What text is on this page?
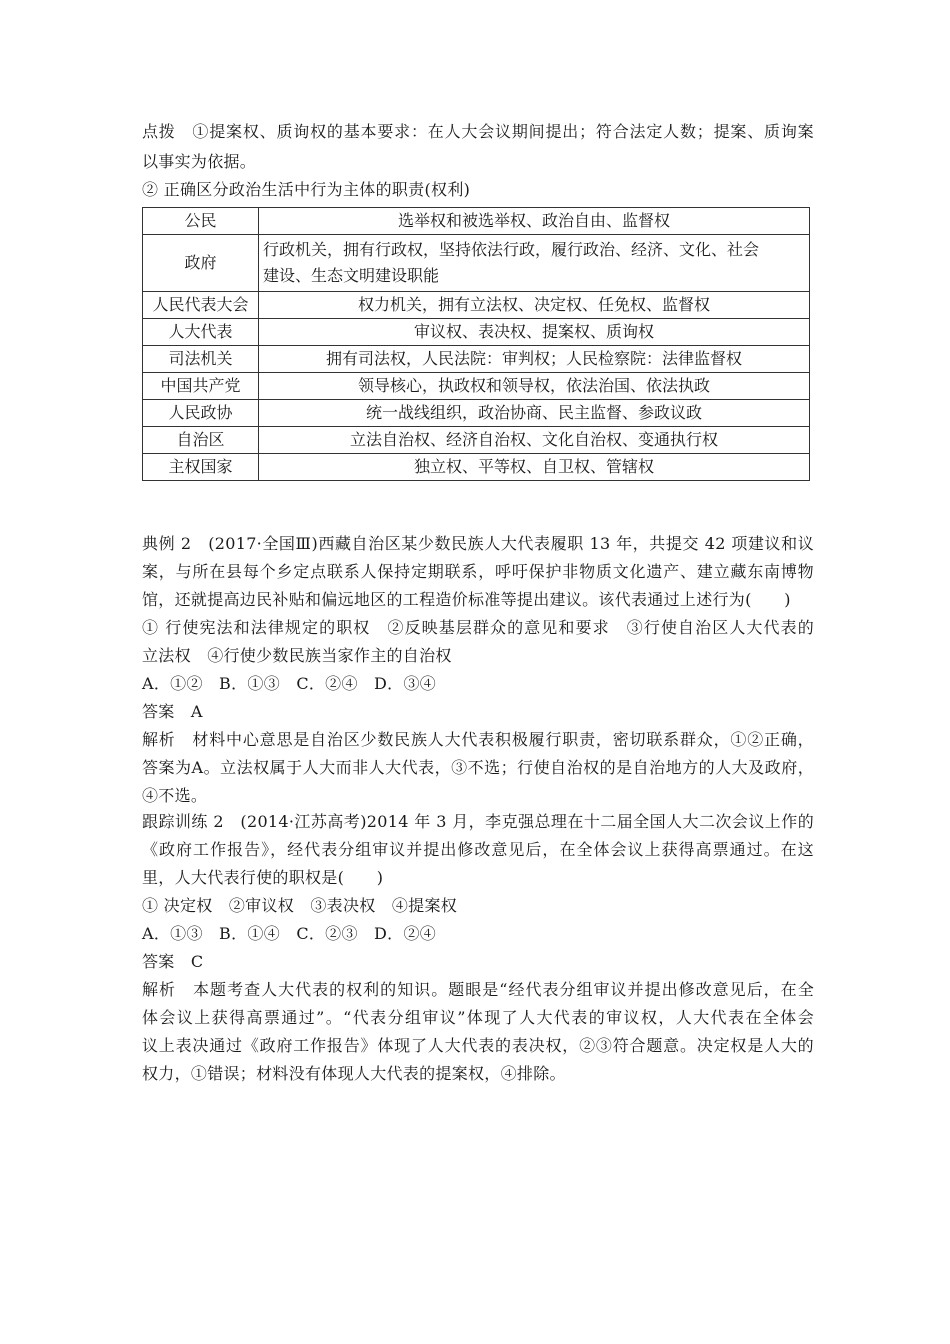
点拨　①提案权、质询权的基本要求：在人大会议期间提出；符合法定人数；提案、质询案
以事实为依据。
② 正确区分政治生活中行为主体的职责(权利)
公民	选举权和被选举权、政治自由、监督权
政府	行政机关，拥有行政权，坚持依法行政，履行政治、经济、文化、社会
建设、生态文明建设职能

人民代表大会	权力机关，拥有立法权、决定权、任免权、监督权
人大代表	审议权、表决权、提案权、质询权
司法机关	拥有司法权，人民法院：审判权；人民检察院：法律监督权
中国共产党	领导核心，执政权和领导权，依法治国、依法执政
人民政协	统一战线组织，政治协商、民主监督、参政议政
自治区	立法自治权、经济自治权、文化自治权、变通执行权
主权国家	独立权、平等权、自卫权、管辖权
典例 2　(2017·全国Ⅲ)西藏自治区某少数民族人大代表履职 13 年，共提交 42 项建议和议
案，与所在县每个乡定点联系人保持定期联系，呼吁保护非物质文化遗产、建立藏东南博物
馆，还就提高边民补贴和偏远地区的工程造价标准等提出建议。该代表通过上述行为(　　)
① 行使宪法和法律规定的职权　②反映基层群众的意见和要求　③行使自治区人大代表的
立法权　④行使少数民族当家作主的自治权
A．①②　B．①③　C．②④　D．③④
答案　A
解析　材料中心意思是自治区少数民族人大代表积极履行职责，密切联系群众，①②正确，
答案为A。立法权属于人大而非人大代表，③不选；行使自治权的是自治地方的人大及政府，
④不选。
跟踪训练 2　(2014·江苏高考)2014 年 3 月，李克强总理在十二届全国人大二次会议上作的
《政府工作报告》，经代表分组审议并提出修改意见后，在全体会议上获得高票通过。在这
里，人大代表行使的职权是(　　)
① 决定权　②审议权　③表决权　④提案权
A．①③　B．①④　C．②③　D．②④
答案　C
解析　本题考查人大代表的权利的知识。题眼是“经代表分组审议并提出修改意见后，在全
体会议上获得高票通过”。“代表分组审议”体现了人大代表的审议权，人大代表在全体会
议上表决通过《政府工作报告》体现了人大代表的表决权，②③符合题意。决定权是人大的
权力，①错误；材料没有体现人大代表的提案权，④排除。
